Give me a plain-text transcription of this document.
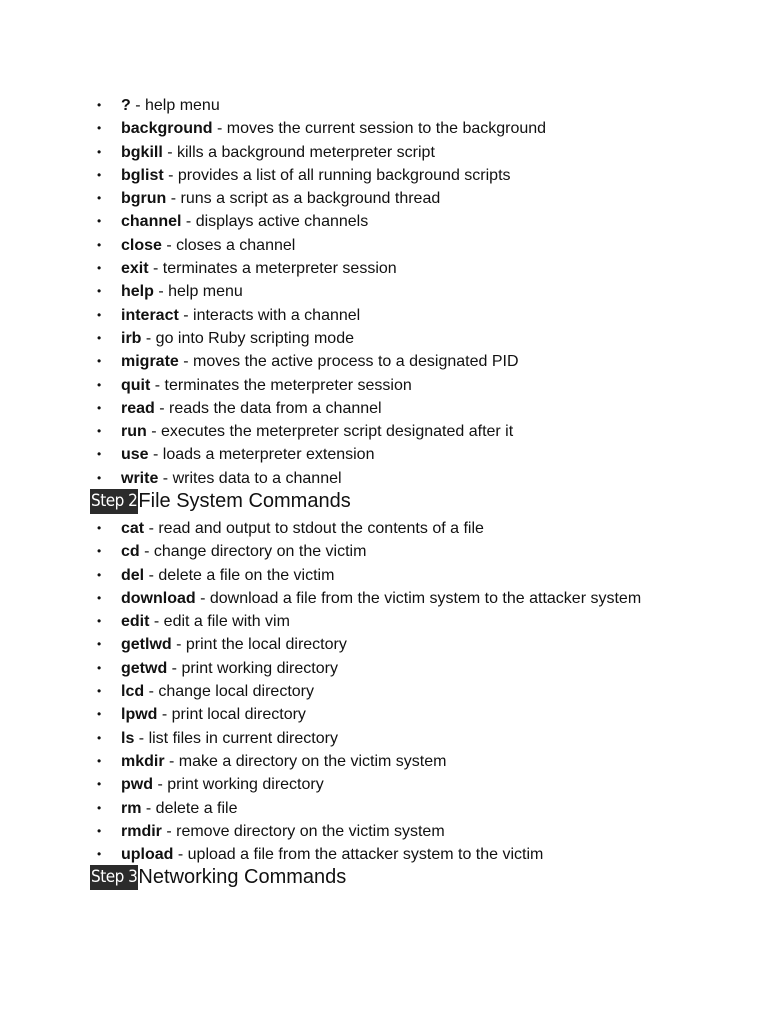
• ? - help menu
• background - moves the current session to the background
• bgkill - kills a background meterpreter script
• bglist - provides a list of all running background scripts
• bgrun - runs a script as a background thread
• channel - displays active channels
• close - closes a channel
• exit - terminates a meterpreter session
• help - help menu
• interact - interacts with a channel
• irb - go into Ruby scripting mode
• migrate - moves the active process to a designated PID
• quit - terminates the meterpreter session
• read - reads the data from a channel
• run - executes the meterpreter script designated after it
• use - loads a meterpreter extension
• write - writes data to a channel
Step 2File System Commands
• cat - read and output to stdout the contents of a file
• cd - change directory on the victim
• del - delete a file on the victim
• download - download a file from the victim system to the attacker system
• edit - edit a file with vim
• getlwd - print the local directory
• getwd - print working directory
• lcd - change local directory
• lpwd - print local directory
• ls - list files in current directory
• mkdir - make a directory on the victim system
• pwd - print working directory
• rm - delete a file
• rmdir - remove directory on the victim system
• upload - upload a file from the attacker system to the victim
Step 3Networking Commands
